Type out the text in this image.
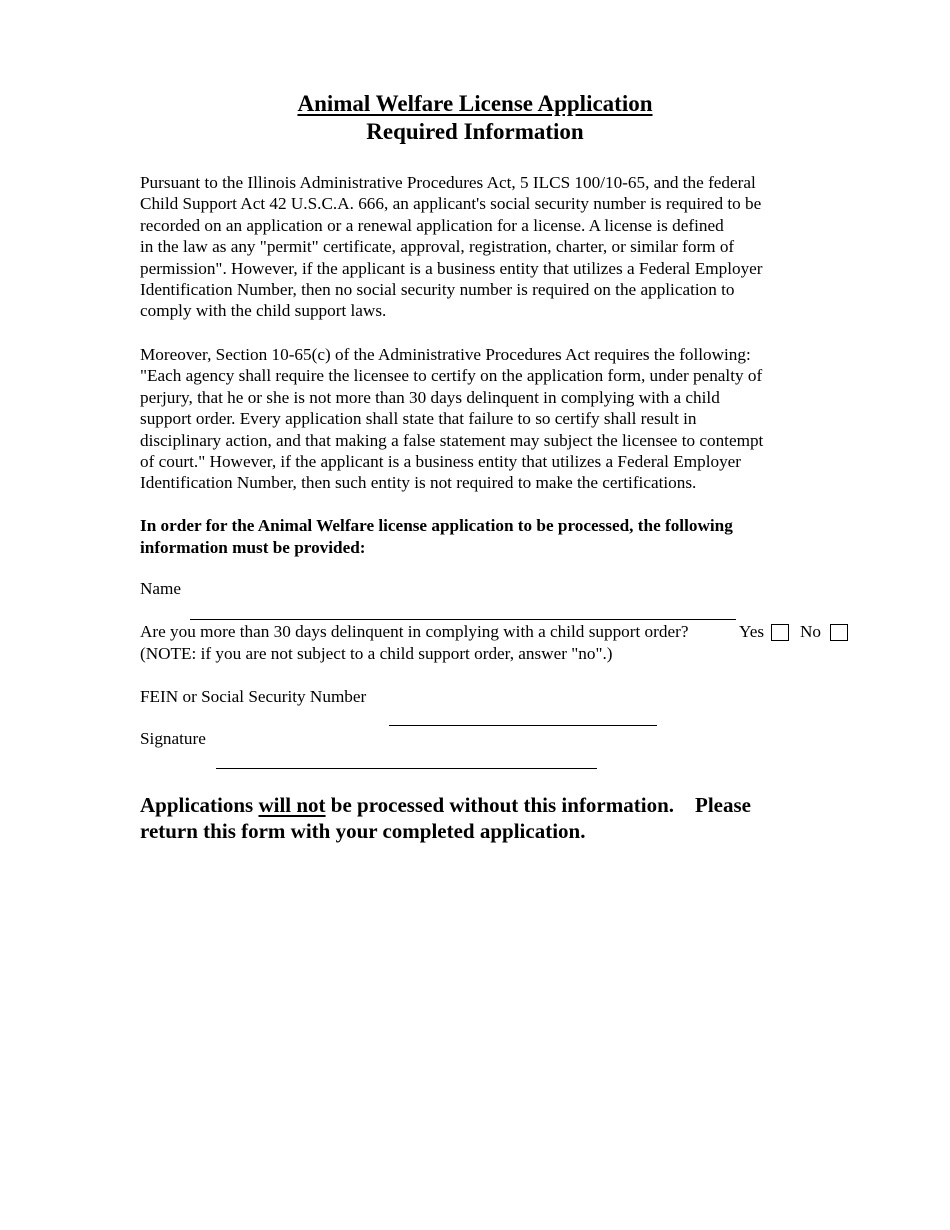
Animal Welfare License Application
Required Information

Pursuant to the Illinois Administrative Procedures Act, 5 ILCS 100/10-65, and the federal
Child Support Act 42 U.S.C.A. 666, an applicant's social security number is required to be
recorded on an application or a renewal application for a license. A license is defined
in the law as any "permit" certificate, approval, registration, charter, or similar form of
permission". However, if the applicant is a business entity that utilizes a Federal Employer
Identification Number, then no social security number is required on the application to
comply with the child support laws.

Moreover, Section 10-65(c) of the Administrative Procedures Act requires the following:
"Each agency shall require the licensee to certify on the application form, under penalty of
perjury, that he or she is not more than 30 days delinquent in complying with a child
support order. Every application shall state that failure to so certify shall result in
disciplinary action, and that making a false statement may subject the licensee to contempt
of court." However, if the applicant is a business entity that utilizes a Federal Employer
Identification Number, then such entity is not required to make the certifications.

In order for the Animal Welfare license application to be processed, the following
information must be provided:

Name
Are you more than 30 days delinquent in complying with a child support order?	Yes No
(NOTE: if you are not subject to a child support order, answer "no".)
FEIN or Social Security Number
Signature

Applications will not be processed without this information.    Please
return this form with your completed application.
